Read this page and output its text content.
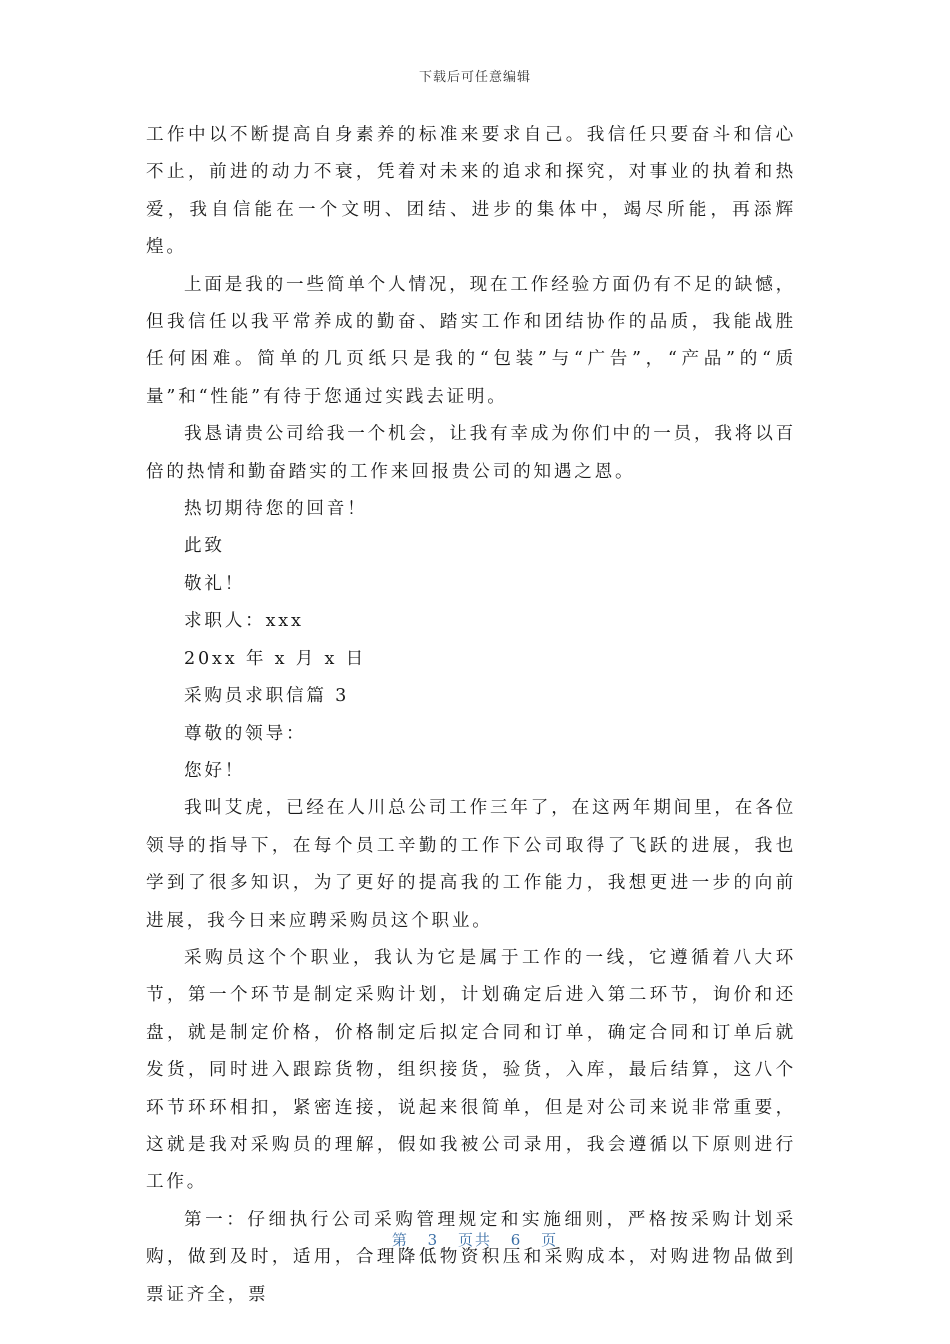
下载后可任意编辑

工作中以不断提高自身素养的标准来要求自己。我信任只要奋斗和信心不止，前进的动力不衰，凭着对未来的追求和探究，对事业的执着和热爱，我自信能在一个文明、团结、进步的集体中，竭尽所能，再添辉煌。

上面是我的一些简单个人情况，现在工作经验方面仍有不足的缺憾，但我信任以我平常养成的勤奋、踏实工作和团结协作的品质，我能战胜任何困难。简单的几页纸只是我的“包装”与“广告”，“产品”的“质量”和“性能”有待于您通过实践去证明。

我恳请贵公司给我一个机会，让我有幸成为你们中的一员，我将以百倍的热情和勤奋踏实的工作来回报贵公司的知遇之恩。

热切期待您的回音！

此致

敬礼！

求职人：xxx

20xx 年 x 月 x 日

采购员求职信篇 3

尊敬的领导：

您好！

我叫艾虎，已经在人川总公司工作三年了，在这两年期间里，在各位领导的指导下，在每个员工辛勤的工作下公司取得了飞跃的进展，我也学到了很多知识，为了更好的提高我的工作能力，我想更进一步的向前进展，我今日来应聘采购员这个职业。

采购员这个个职业，我认为它是属于工作的一线，它遵循着八大环节，第一个环节是制定采购计划，计划确定后进入第二环节，询价和还盘，就是制定价格，价格制定后拟定合同和订单，确定合同和订单后就发货，同时进入跟踪货物，组织接货，验货，入库，最后结算，这八个环节环环相扣，紧密连接，说起来很简单，但是对公司来说非常重要，这就是我对采购员的理解，假如我被公司录用，我会遵循以下原则进行工作。

第一：仔细执行公司采购管理规定和实施细则，严格按采购计划采购，做到及时，适用，合理降低物资积压和采购成本，对购进物品做到票证齐全，票

第 3 页共 6 页
